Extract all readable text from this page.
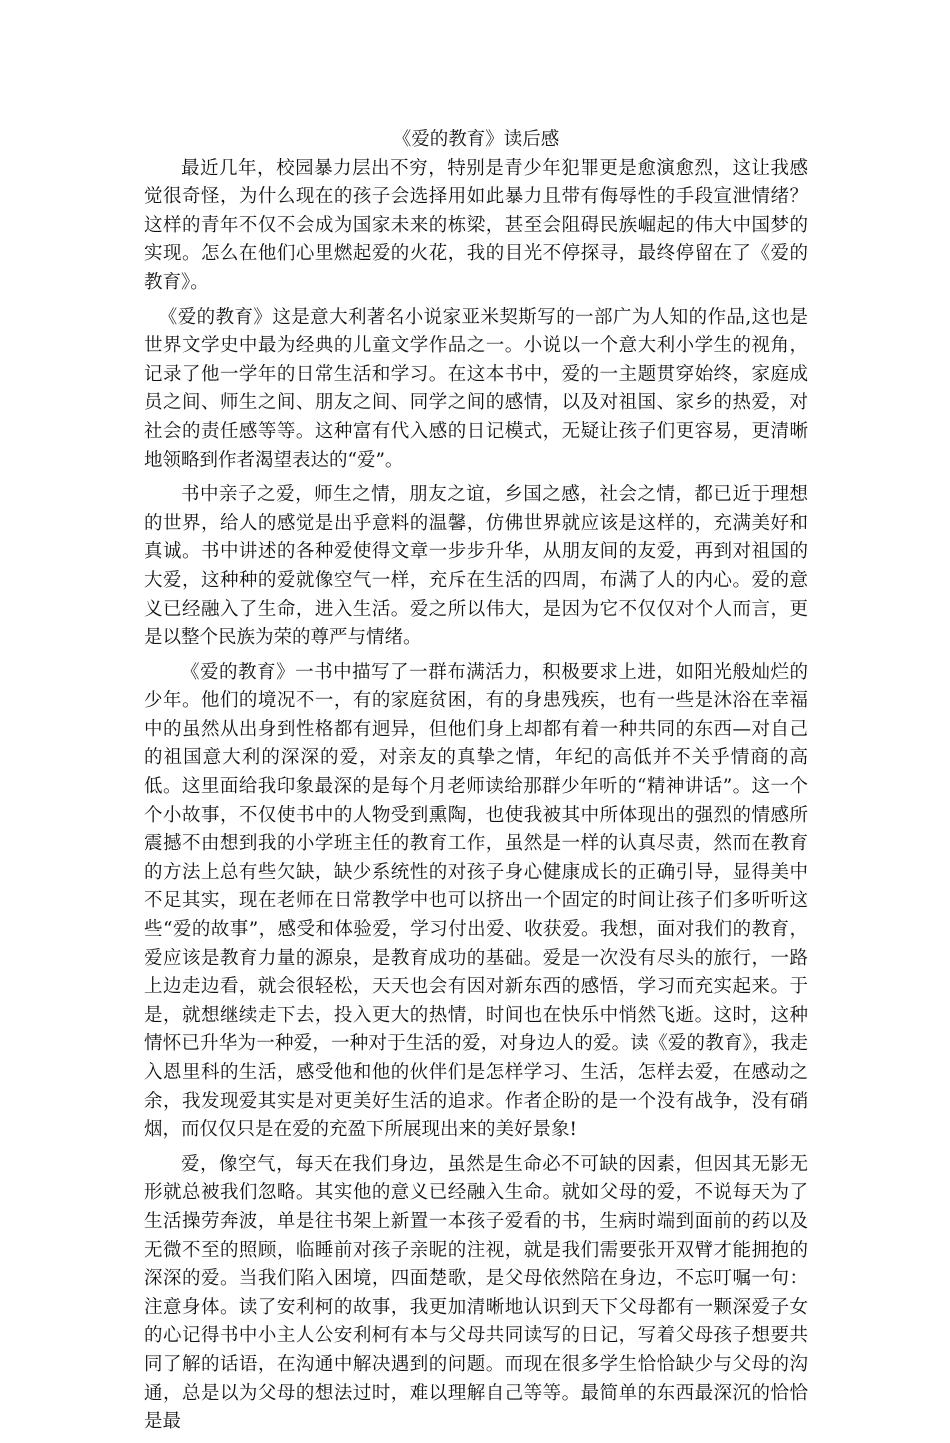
《爱的教育》读后感

最近几年，校园暴力层出不穷，特别是青少年犯罪更是愈演愈烈，这让我感觉很奇怪，为什么现在的孩子会选择用如此暴力且带有侮辱性的手段宣泄情绪？这样的青年不仅不会成为国家未来的栋梁，甚至会阻碍民族崛起的伟大中国梦的实现。怎么在他们心里燃起爱的火花，我的目光不停探寻，最终停留在了《爱的教育》。

《爱的教育》这是意大利著名小说家亚米契斯写的一部广为人知的作品,这也是世界文学史中最为经典的儿童文学作品之一。小说以一个意大利小学生的视角，记录了他一学年的日常生活和学习。在这本书中，爱的一主题贯穿始终，家庭成员之间、师生之间、朋友之间、同学之间的感情，以及对祖国、家乡的热爱，对社会的责任感等等。这种富有代入感的日记模式，无疑让孩子们更容易，更清晰地领略到作者渴望表达的“爱”。

书中亲子之爱，师生之情，朋友之谊，乡国之感，社会之情，都已近于理想的世界，给人的感觉是出乎意料的温馨，仿佛世界就应该是这样的，充满美好和真诚。书中讲述的各种爱使得文章一步步升华，从朋友间的友爱，再到对祖国的大爱，这种种的爱就像空气一样，充斥在生活的四周，布满了人的内心。爱的意义已经融入了生命，进入生活。爱之所以伟大，是因为它不仅仅对个人而言，更是以整个民族为荣的尊严与情绪。

《爱的教育》一书中描写了一群布满活力，积极要求上进，如阳光般灿烂的少年。他们的境况不一，有的家庭贫困，有的身患残疾，也有一些是沐浴在幸福中的虽然从出身到性格都有迥异，但他们身上却都有着一种共同的东西—对自己的祖国意大利的深深的爱，对亲友的真挚之情，年纪的高低并不关乎情商的高低。这里面给我印象最深的是每个月老师读给那群少年听的“精神讲话”。这一个个小故事，不仅使书中的人物受到熏陶，也使我被其中所体现出的强烈的情感所震撼不由想到我的小学班主任的教育工作，虽然是一样的认真尽责，然而在教育的方法上总有些欠缺，缺少系统性的对孩子身心健康成长的正确引导，显得美中不足其实，现在老师在日常教学中也可以挤出一个固定的时间让孩子们多听听这些“爱的故事”，感受和体验爱，学习付出爱、收获爱。我想，面对我们的教育，爱应该是教育力量的源泉，是教育成功的基础。爱是一次没有尽头的旅行，一路上边走边看，就会很轻松，天天也会有因对新东西的感悟，学习而充实起来。于是，就想继续走下去，投入更大的热情，时间也在快乐中悄然飞逝。这时，这种情怀已升华为一种爱，一种对于生活的爱，对身边人的爱。读《爱的教育》，我走入恩里科的生活，感受他和他的伙伴们是怎样学习、生活，怎样去爱，在感动之余，我发现爱其实是对更美好生活的追求。作者企盼的是一个没有战争，没有硝烟，而仅仅只是在爱的充盈下所展现出来的美好景象!

爱，像空气，每天在我们身边，虽然是生命必不可缺的因素，但因其无影无形就总被我们忽略。其实他的意义已经融入生命。就如父母的爱，不说每天为了生活操劳奔波，单是往书架上新置一本孩子爱看的书，生病时端到面前的药以及无微不至的照顾，临睡前对孩子亲昵的注视，就是我们需要张开双臂才能拥抱的深深的爱。当我们陷入困境，四面楚歌，是父母依然陪在身边，不忘叮嘱一句：注意身体。读了安利柯的故事，我更加清晰地认识到天下父母都有一颗深爱子女的心记得书中小主人公安利柯有本与父母共同读写的日记，写着父母孩子想要共同了解的话语，在沟通中解决遇到的问题。而现在很多学生恰恰缺少与父母的沟通，总是以为父母的想法过时，难以理解自己等等。最简单的东西最深沉的恰恰是最
